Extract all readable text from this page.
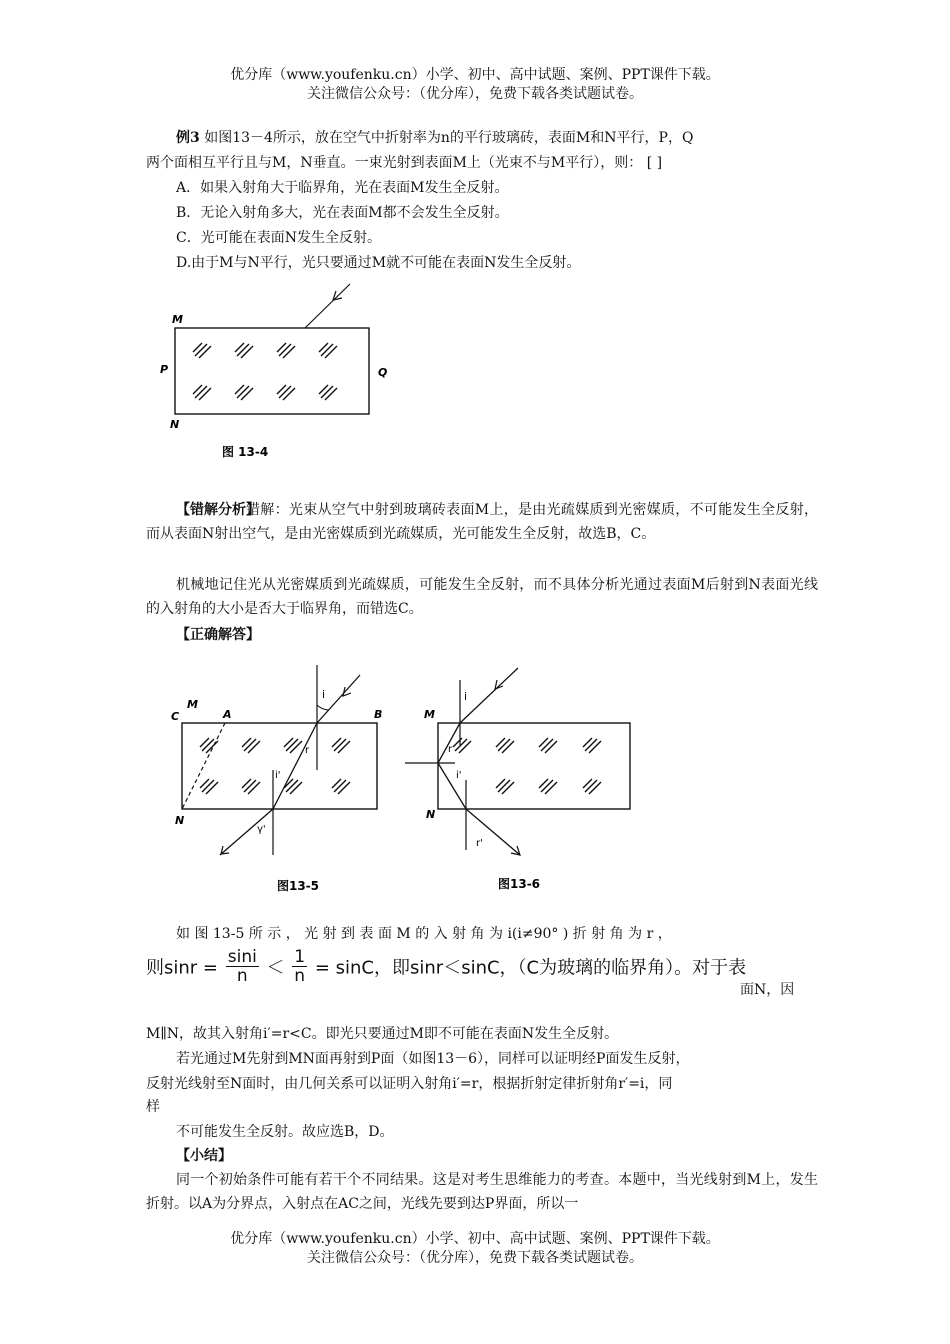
优分库（www.youfenku.cn）小学、初中、高中试题、案例、PPT课件下载。
关注微信公众号：（优分库），免费下载各类试题试卷。
例3 如图13－4所示，放在空气中折射率为n的平行玻璃砖，表面M和N平行，P，Q
两个面相互平行且与M，N垂直。一束光射到表面M上（光束不与M平行），则： [ ]
A．如果入射角大于临界角，光在表面M发生全反射。
B．无论入射角多大，光在表面M都不会发生全反射。
C．光可能在表面N发生全反射。
D.由于M与N平行，光只要通过M就不可能在表面N发生全反射。
M
P	Q
N
图 13-4
【错解分析】
错解：光束从空气中射到玻璃砖表面M上，是由光疏媒质到光密媒质，不可能发生全反射，而从表面N射出空气，是由光密媒质到光疏媒质，光可能发生全反射，故选B，C。
机械地记住光从光密媒质到光疏媒质，可能发生全反射，而不具体分析光通过表面M后射到N表面光线的入射角的大小是否大于临界角，而错选C。
【正确解答】
C
M
A	B
N
i
r
i'
γ'
图13-5
M
N
i
r
i'
r'
图13-6
如 图 13-5 所 示 ， 光 射 到 表 面 M 的 入 射 角 为 i(i≠90° ) 折 射 角 为 r ，
则$\sin r = \frac{\sin i}{n} < \frac{1}{n} = \sin C$，即sinr＜sinC，（C为玻璃的临界角）。对于表
面N，因
M∥N，故其入射角i′=r<C。即光只要通过M即不可能在表面N发生全反射。
若光通过M先射到MN面再射到P面（如图13－6），同样可以证明经P面发生反射，
反射光线射至N面时，由几何关系可以证明入射角i′=r，根据折射定律折射角r′=i，同
样
不可能发生全反射。故应选B，D。
【小结】
同一个初始条件可能有若干个不同结果。这是对考生思维能力的考查。本题中，当光线射到M上，发生折射。以A为分界点，入射点在AC之间，光线先要到达P界面，所以一
优分库（www.youfenku.cn）小学、初中、高中试题、案例、PPT课件下载。
关注微信公众号：（优分库），免费下载各类试题试卷。
